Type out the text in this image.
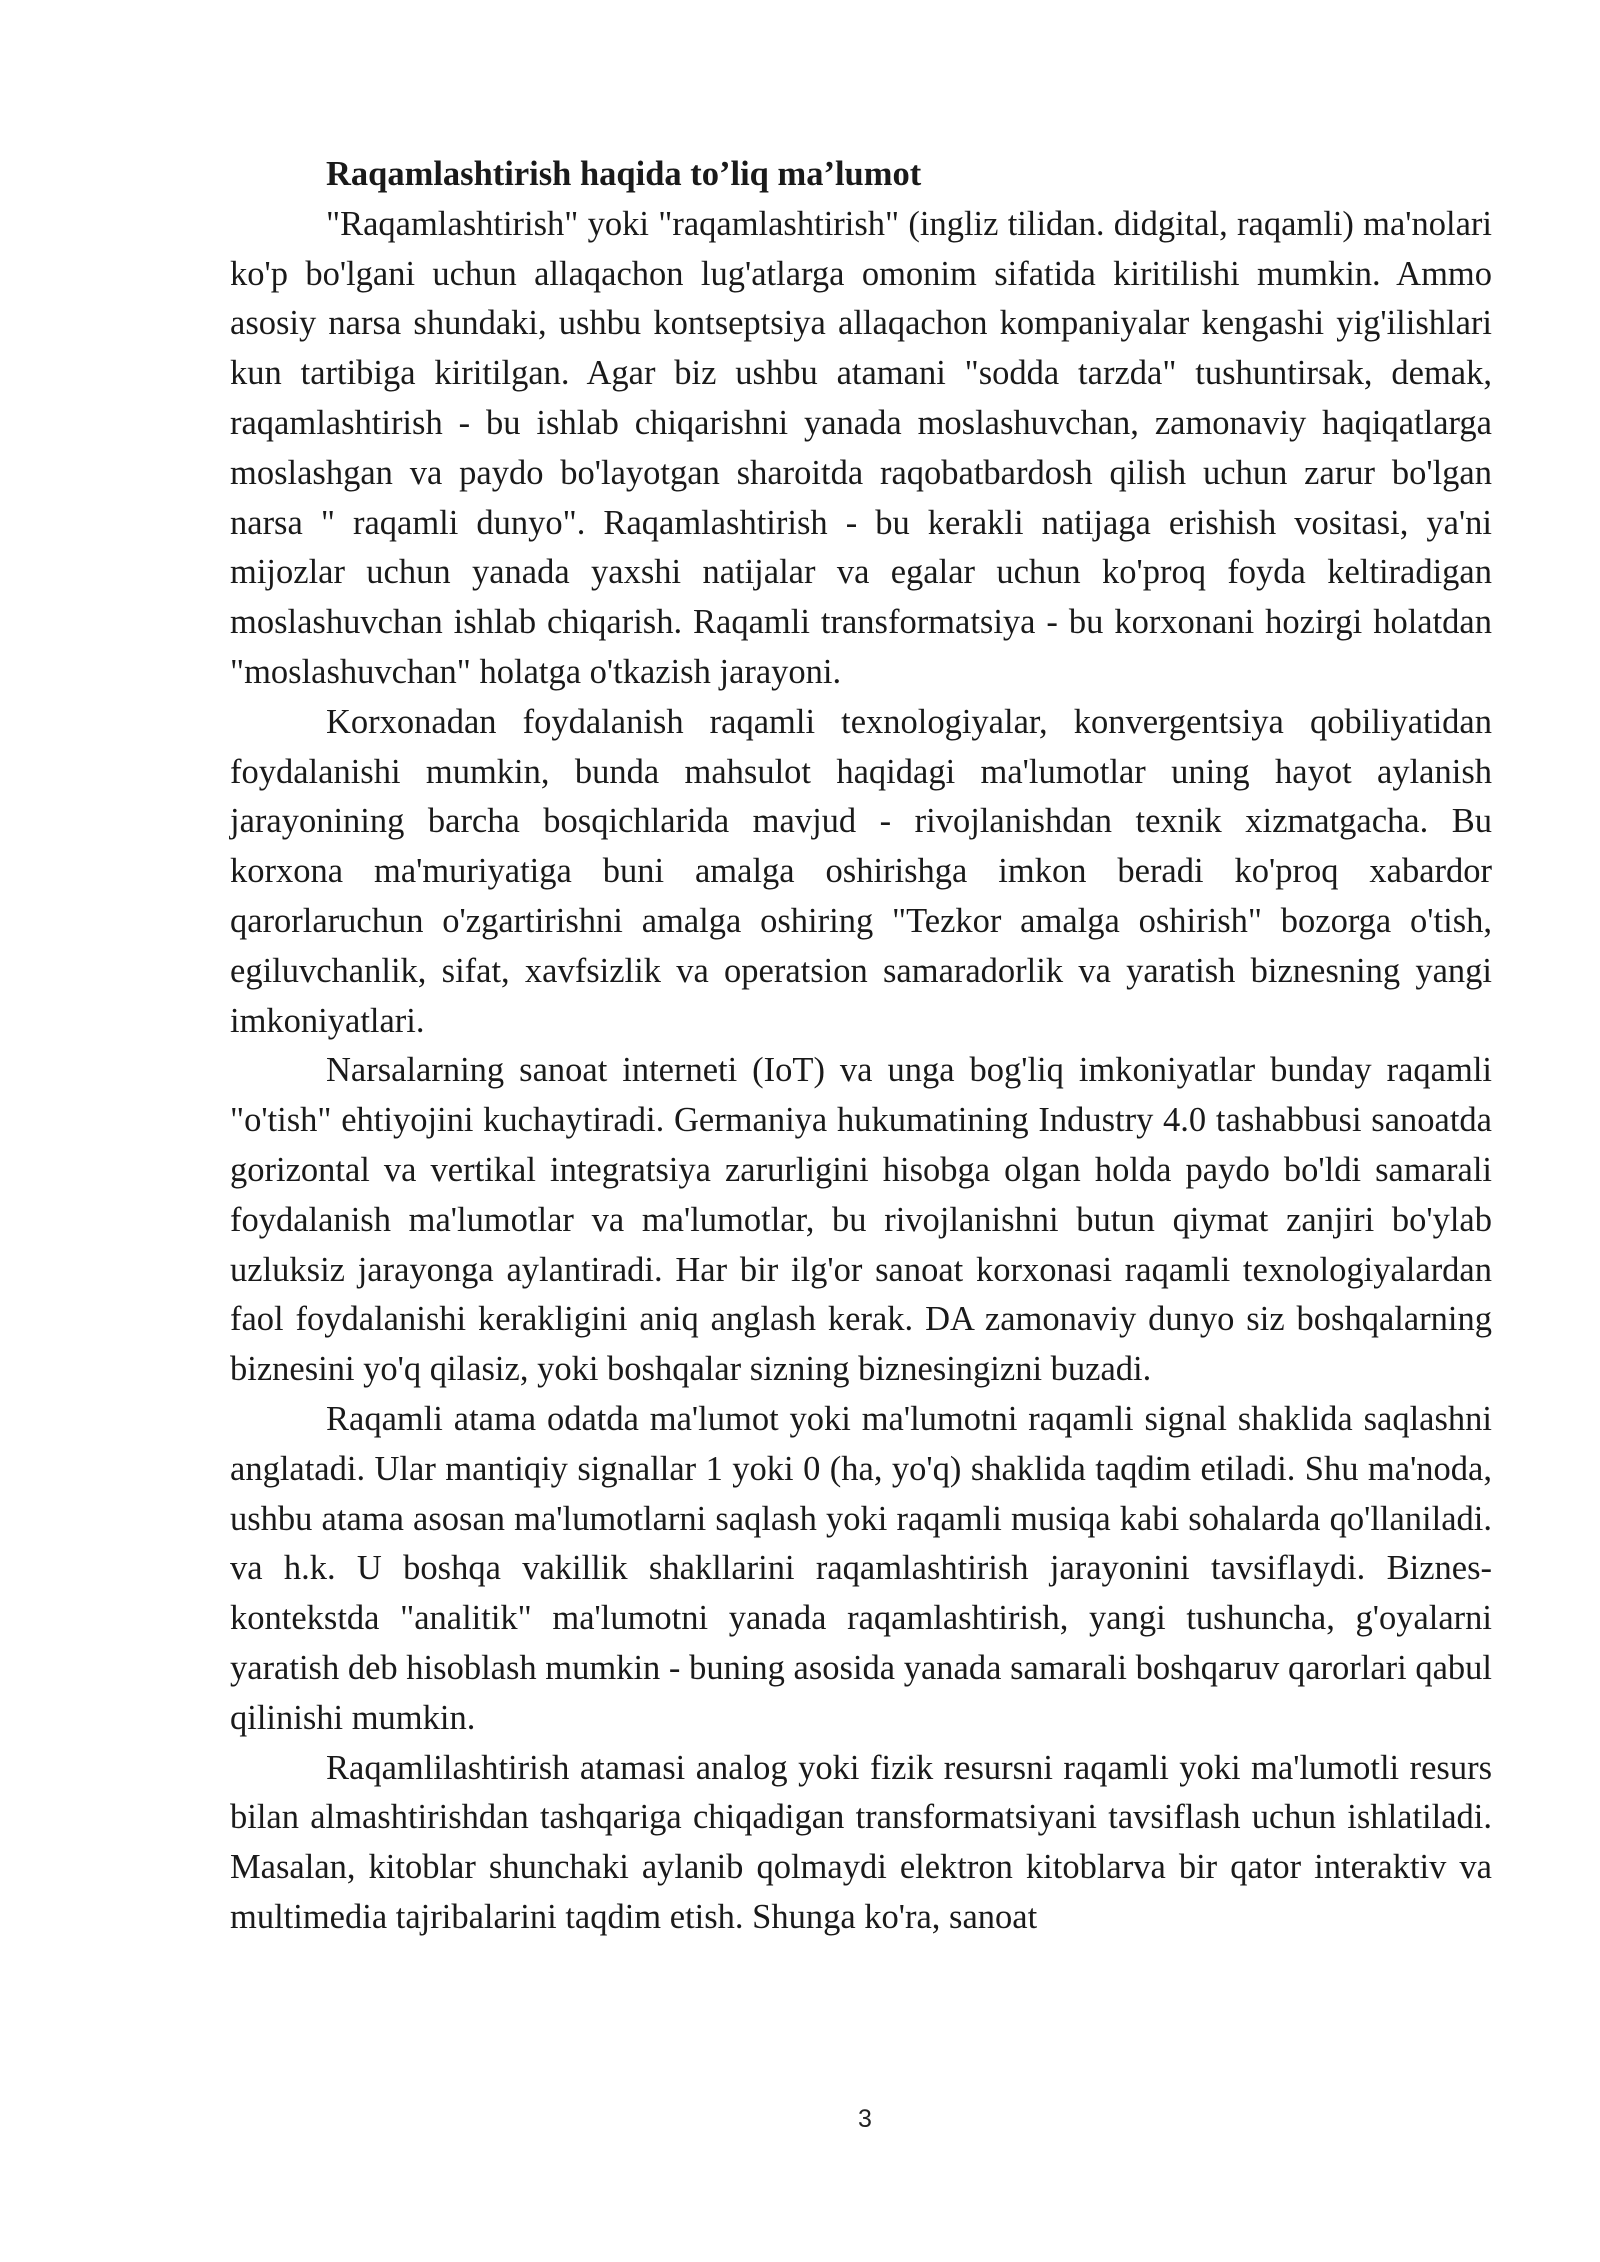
Raqamlashtirish haqida to’liq ma’lumot

"Raqamlashtirish" yoki "raqamlashtirish" (ingliz tilidan. didgital, raqamli) ma'nolari ko'p bo'lgani uchun allaqachon lug'atlarga omonim sifatida kiritilishi mumkin. Ammo asosiy narsa shundaki, ushbu kontseptsiya allaqachon kompaniyalar kengashi yig'ilishlari kun tartibiga kiritilgan. Agar biz ushbu atamani "sodda tarzda" tushuntirsak, demak, raqamlashtirish - bu ishlab chiqarishni yanada moslashuvchan, zamonaviy haqiqatlarga moslashgan va paydo bo'layotgan sharoitda raqobatbardosh qilish uchun zarur bo'lgan narsa " raqamli dunyo". Raqamlashtirish - bu kerakli natijaga erishish vositasi, ya'ni mijozlar uchun yanada yaxshi natijalar va egalar uchun ko'proq foyda keltiradigan moslashuvchan ishlab chiqarish. Raqamli transformatsiya - bu korxonani hozirgi holatdan "moslashuvchan" holatga o'tkazish jarayoni.

Korxonadan foydalanish raqamli texnologiyalar, konvergentsiya qobiliyatidan foydalanishi mumkin, bunda mahsulot haqidagi ma'lumotlar uning hayot aylanish jarayonining barcha bosqichlarida mavjud - rivojlanishdan texnik xizmatgacha. Bu korxona ma'muriyatiga buni amalga oshirishga imkon beradi ko'proq xabardor qarorlaruchun o'zgartirishni amalga oshiring "Tezkor amalga oshirish" bozorga o'tish, egiluvchanlik, sifat, xavfsizlik va operatsion samaradorlik va yaratish biznesning yangi imkoniyatlari.

Narsalarning sanoat interneti (IoT) va unga bog'liq imkoniyatlar bunday raqamli "o'tish" ehtiyojini kuchaytiradi. Germaniya hukumatining Industry 4.0 tashabbusi sanoatda gorizontal va vertikal integratsiya zarurligini hisobga olgan holda paydo bo'ldi samarali foydalanish ma'lumotlar va ma'lumotlar, bu rivojlanishni butun qiymat zanjiri bo'ylab uzluksiz jarayonga aylantiradi. Har bir ilg'or sanoat korxonasi raqamli texnologiyalardan faol foydalanishi kerakligini aniq anglash kerak. DA zamonaviy dunyo siz boshqalarning biznesini yo'q qilasiz, yoki boshqalar sizning biznesingizni buzadi.

Raqamli atama odatda ma'lumot yoki ma'lumotni raqamli signal shaklida saqlashni anglatadi. Ular mantiqiy signallar 1 yoki 0 (ha, yo'q) shaklida taqdim etiladi. Shu ma'noda, ushbu atama asosan ma'lumotlarni saqlash yoki raqamli musiqa kabi sohalarda qo'llaniladi. va h.k. U boshqa vakillik shakllarini raqamlashtirish jarayonini tavsiflaydi. Biznes-kontekstda "analitik" ma'lumotni yanada raqamlashtirish, yangi tushuncha, g'oyalarni yaratish deb hisoblash mumkin - buning asosida yanada samarali boshqaruv qarorlari qabul qilinishi mumkin.

Raqamlilashtirish atamasi analog yoki fizik resursni raqamli yoki ma'lumotli resurs bilan almashtirishdan tashqariga chiqadigan transformatsiyani tavsiflash uchun ishlatiladi. Masalan, kitoblar shunchaki aylanib qolmaydi elektron kitoblarva bir qator interaktiv va multimedia tajribalarini taqdim etish. Shunga ko'ra, sanoat

3
